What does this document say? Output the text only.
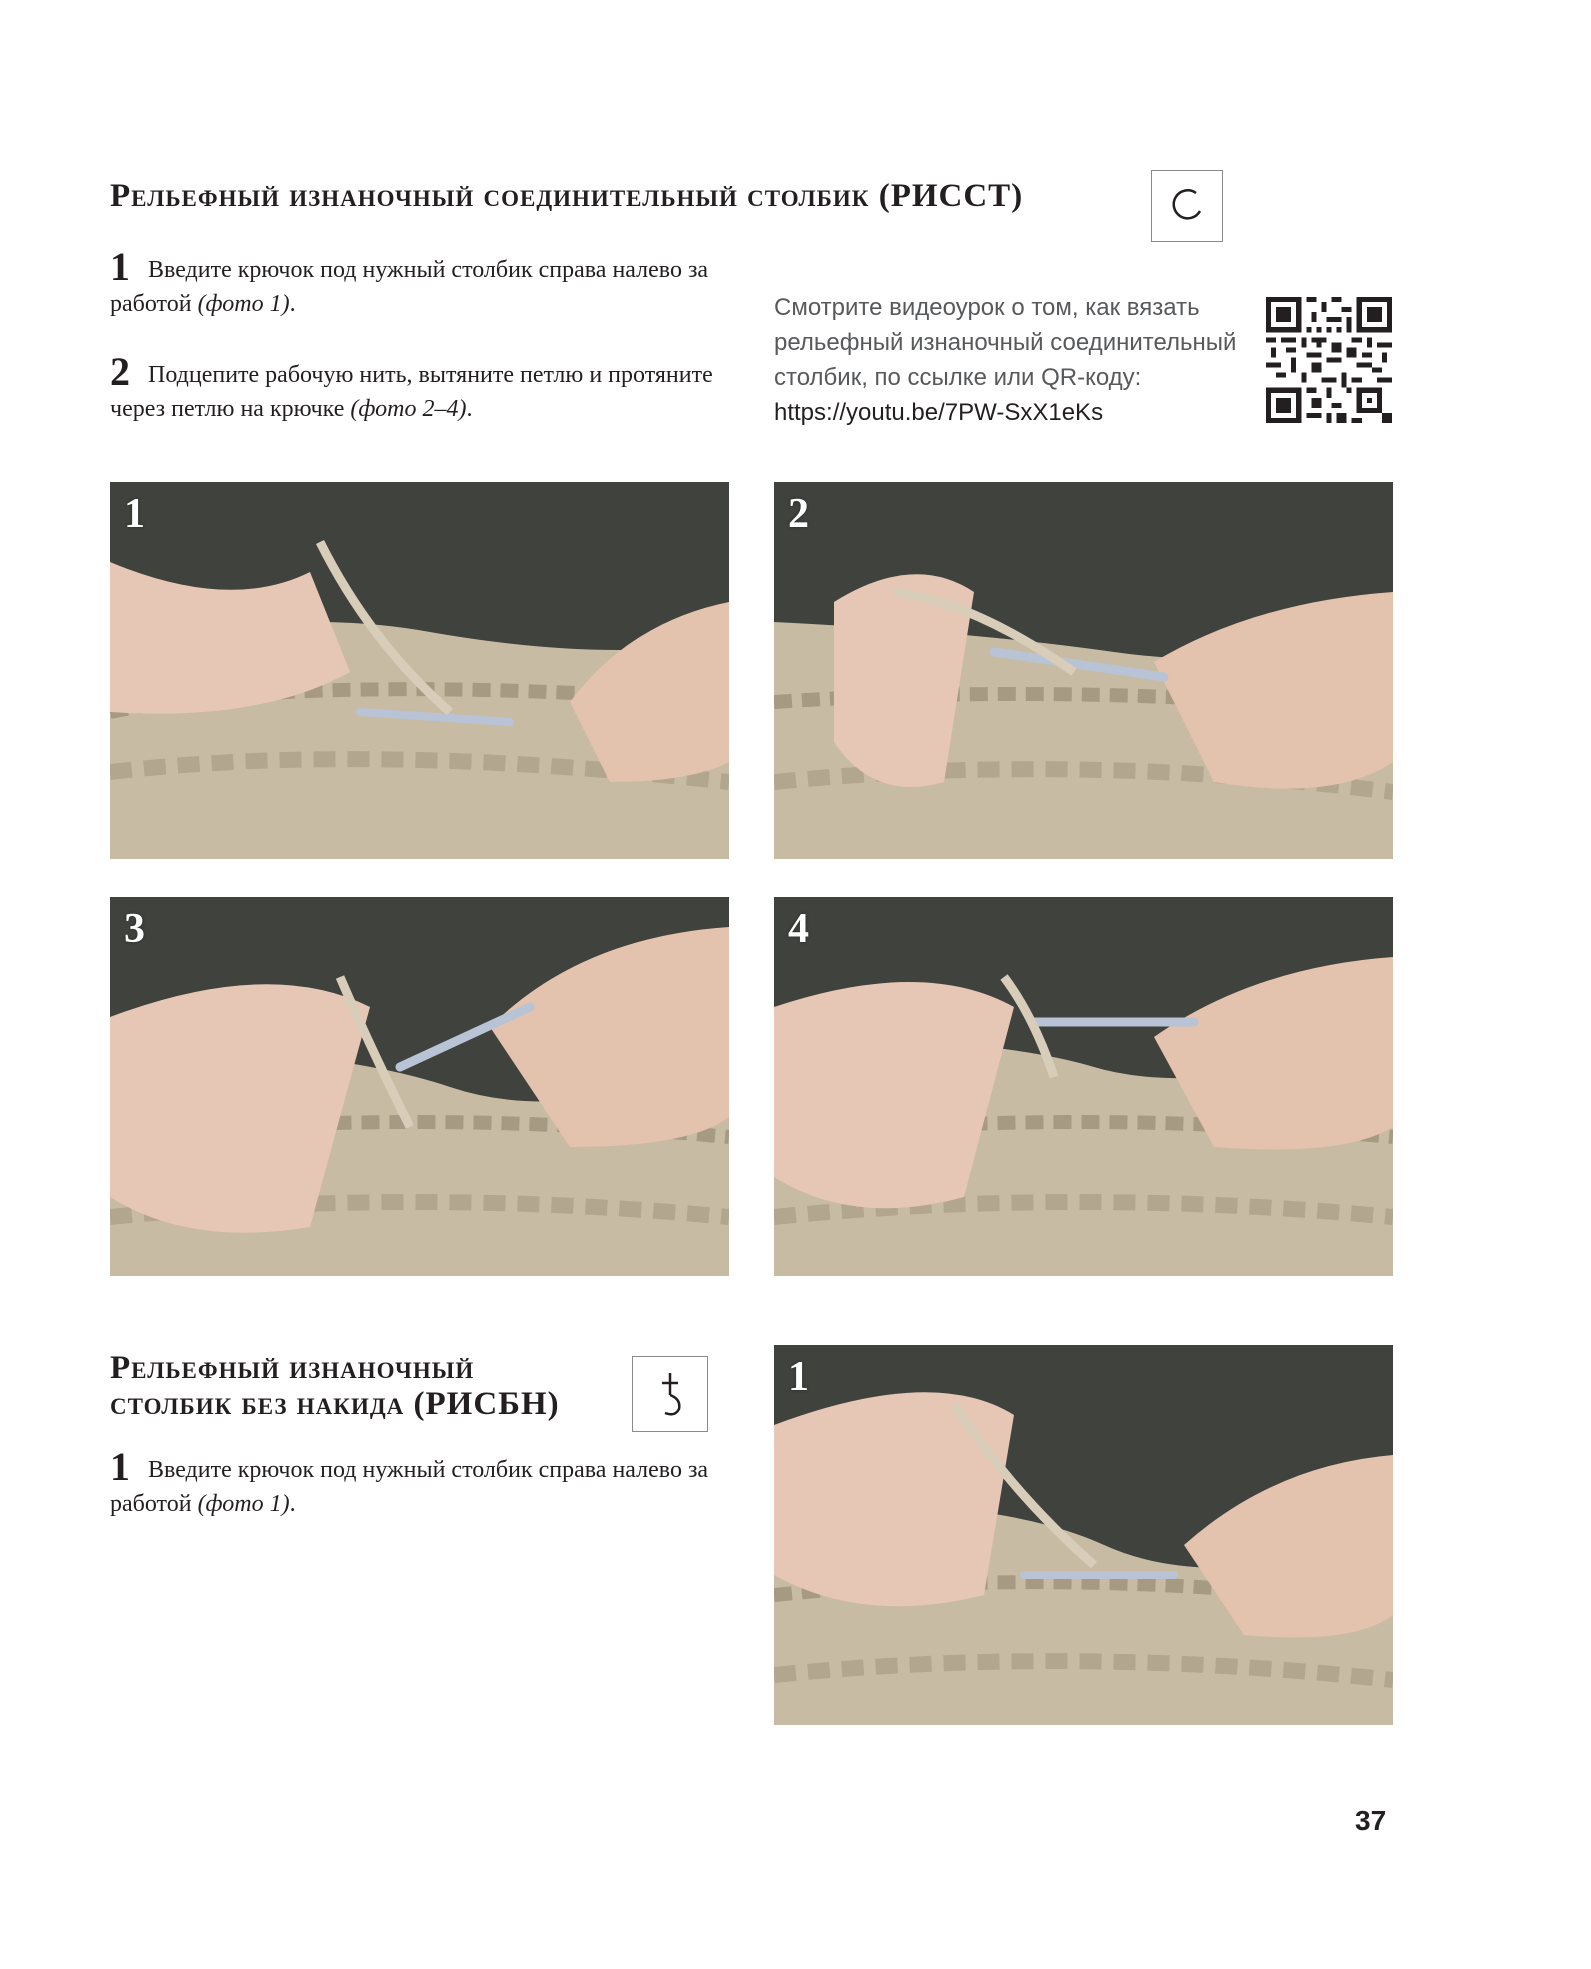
Рельефный изнаночный соединительный столбик (РИССТ)
1 Введите крючок под нужный столбик справа налево за работой (фото 1).
2 Подцепите рабочую нить, вытяните петлю и протяните через петлю на крючке (фото 2–4).
Смотрите видеоурок о том, как вязать рельефный изнаночный соединительный столбик, по ссылке или QR-коду:
https://youtu.be/7PW-SxX1eKs
1	2
3	4
Рельефный изнаночный
столбик без накида (РИСБН)
1 Введите крючок под нужный столбик справа налево за работой (фото 1).
1
37
